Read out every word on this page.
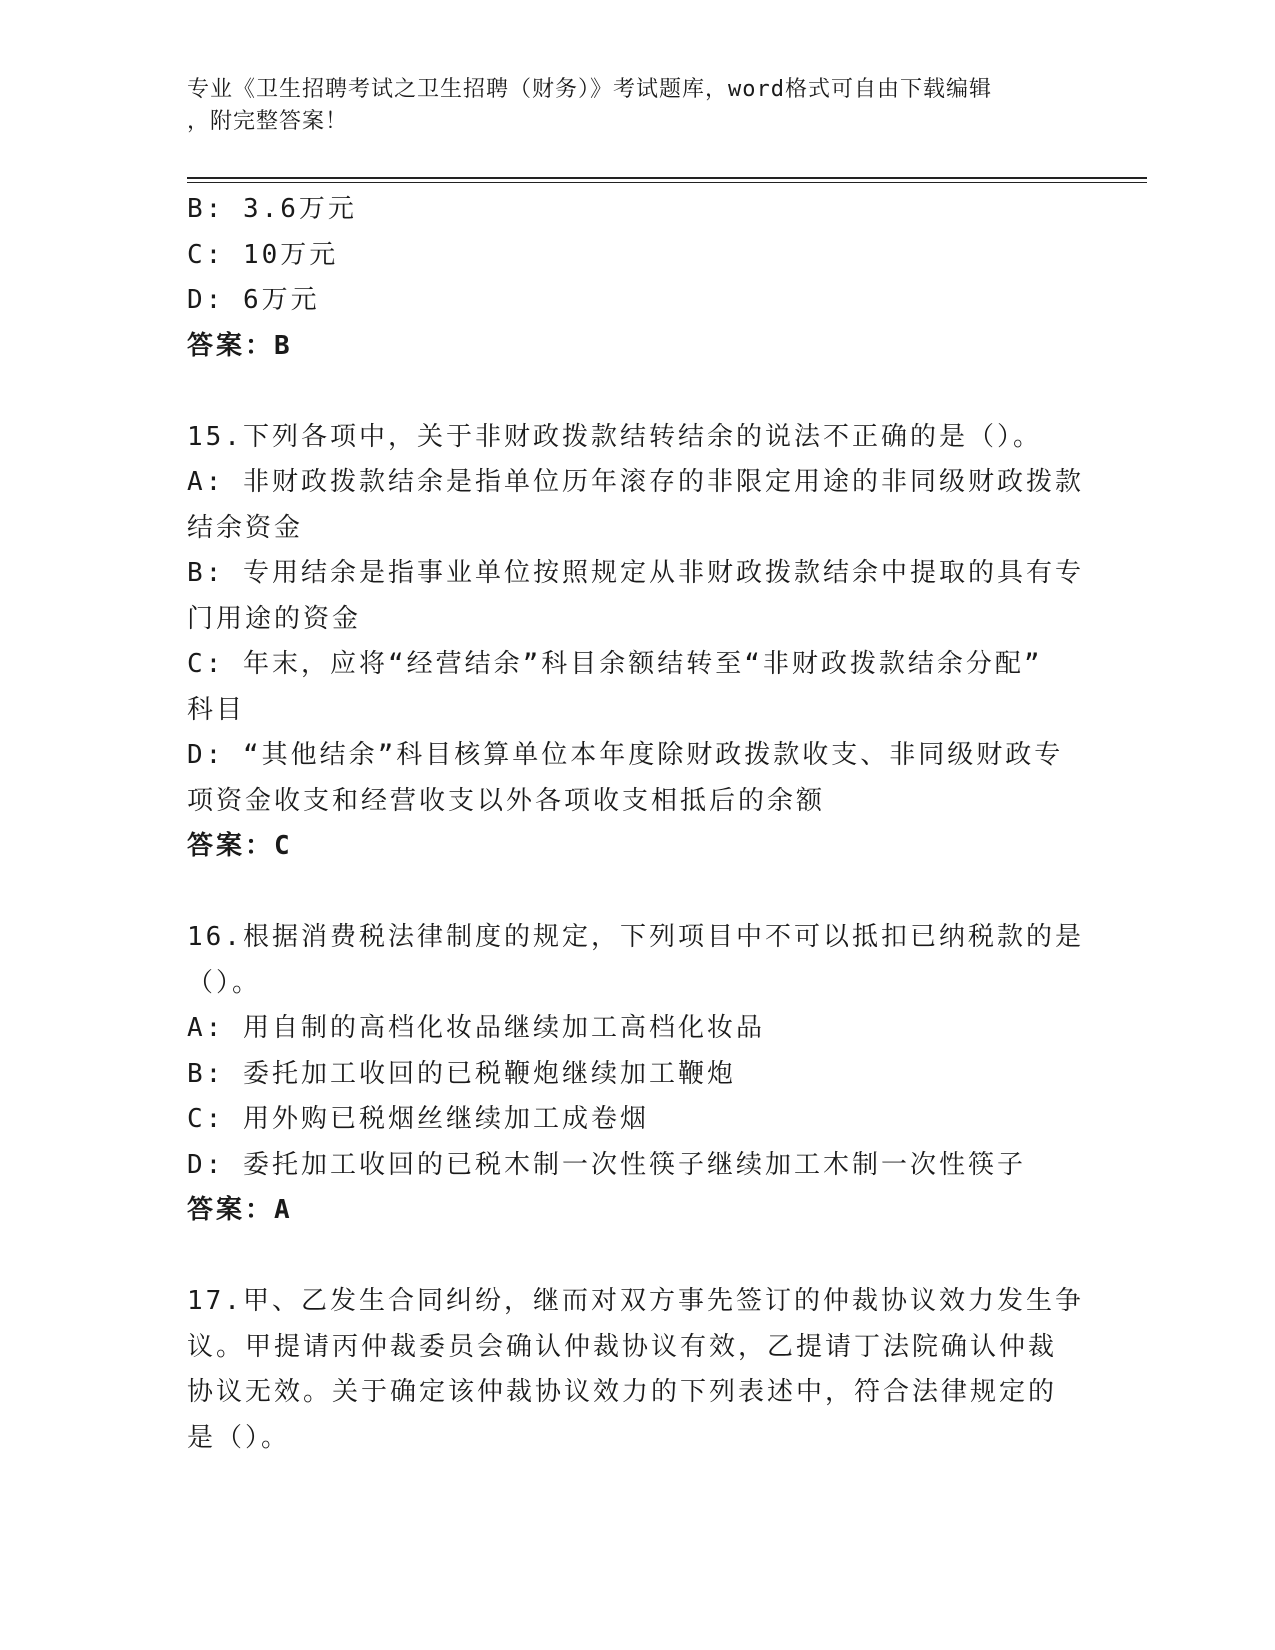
专业《卫生招聘考试之卫生招聘（财务）》考试题库，word格式可自由下载编辑
，附完整答案！
B: 3.6万元
C: 10万元
D: 6万元
答案：B
15.下列各项中，关于非财政拨款结转结余的说法不正确的是（）。
A: 非财政拨款结余是指单位历年滚存的非限定用途的非同级财政拨款
结余资金
B: 专用结余是指事业单位按照规定从非财政拨款结余中提取的具有专
门用途的资金
C: 年末，应将“经营结余”科目余额结转至“非财政拨款结余分配”
科目
D: “其他结余”科目核算单位本年度除财政拨款收支、非同级财政专
项资金收支和经营收支以外各项收支相抵后的余额
答案：C
16.根据消费税法律制度的规定，下列项目中不可以抵扣已纳税款的是
（）。
A: 用自制的高档化妆品继续加工高档化妆品
B: 委托加工收回的已税鞭炮继续加工鞭炮
C: 用外购已税烟丝继续加工成卷烟
D: 委托加工收回的已税木制一次性筷子继续加工木制一次性筷子
答案：A
17.甲、乙发生合同纠纷，继而对双方事先签订的仲裁协议效力发生争
议。甲提请丙仲裁委员会确认仲裁协议有效，乙提请丁法院确认仲裁
协议无效。关于确定该仲裁协议效力的下列表述中，符合法律规定的
是（）。
